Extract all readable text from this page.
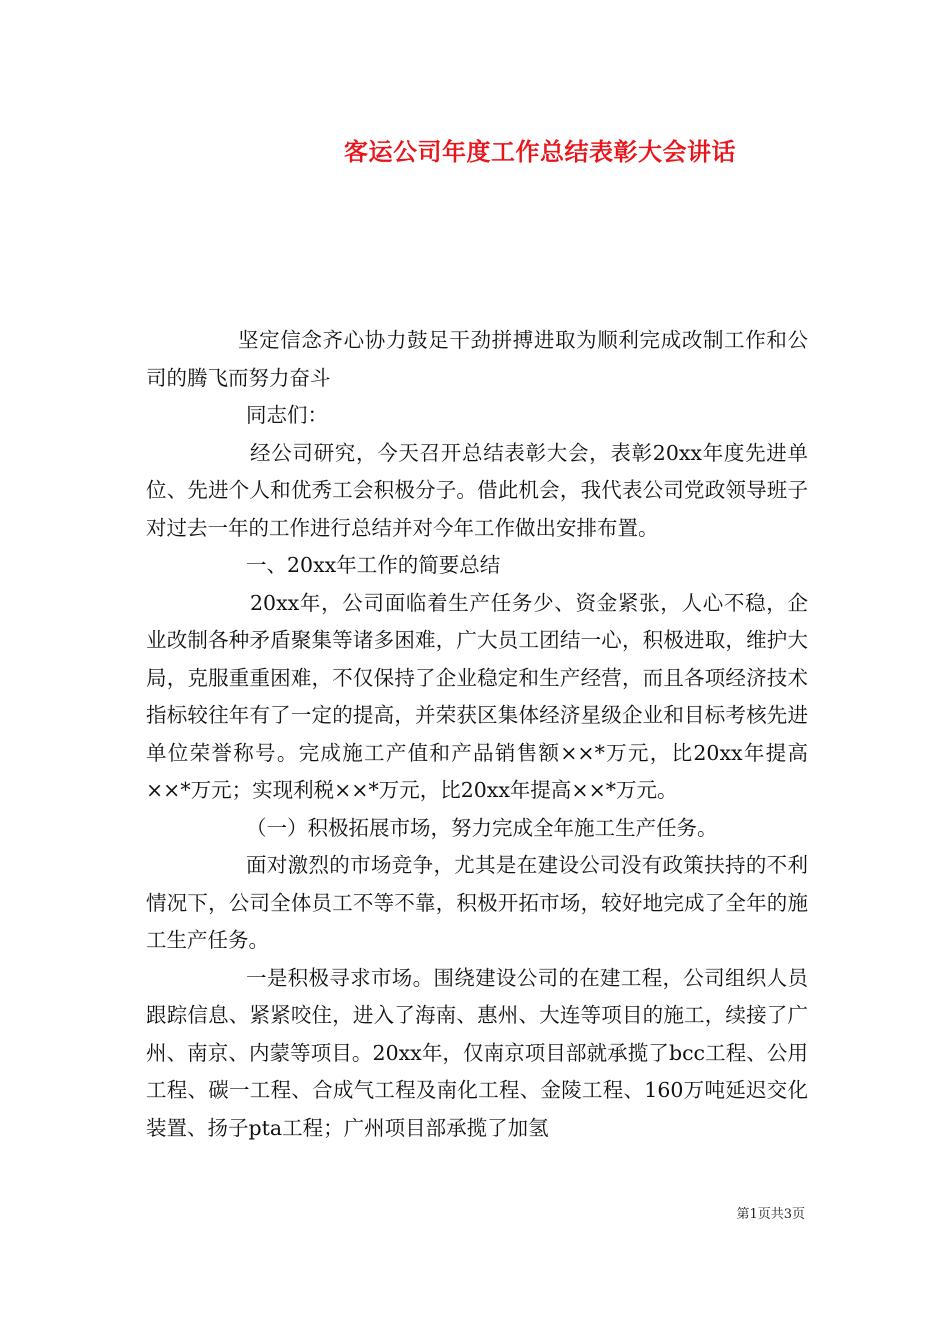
客运公司年度工作总结表彰大会讲话

坚定信念齐心协力鼓足干劲拼搏进取为顺利完成改制工作和公司的腾飞而努力奋斗

同志们：

经公司研究，今天召开总结表彰大会，表彰20xx年度先进单位、先进个人和优秀工会积极分子。借此机会，我代表公司党政领导班子对过去一年的工作进行总结并对今年工作做出安排布置。

一、20xx年工作的简要总结

20xx年，公司面临着生产任务少、资金紧张，人心不稳，企业改制各种矛盾聚集等诸多困难，广大员工团结一心，积极进取，维护大局，克服重重困难，不仅保持了企业稳定和生产经营，而且各项经济技术指标较往年有了一定的提高，并荣获区集体经济星级企业和目标考核先进单位荣誉称号。完成施工产值和产品销售额××*万元，比20xx年提高××*万元；实现利税××*万元，比20xx年提高××*万元。

（一）积极拓展市场，努力完成全年施工生产任务。

面对激烈的市场竞争，尤其是在建设公司没有政策扶持的不利情况下，公司全体员工不等不靠，积极开拓市场，较好地完成了全年的施工生产任务。

一是积极寻求市场。围绕建设公司的在建工程，公司组织人员跟踪信息、紧紧咬住，进入了海南、惠州、大连等项目的施工，续接了广州、南京、内蒙等项目。20xx年，仅南京项目部就承揽了bcc工程、公用工程、碳一工程、合成气工程及南化工程、金陵工程、160万吨延迟交化装置、扬子pta工程；广州项目部承揽了加氢

第1页共3页
